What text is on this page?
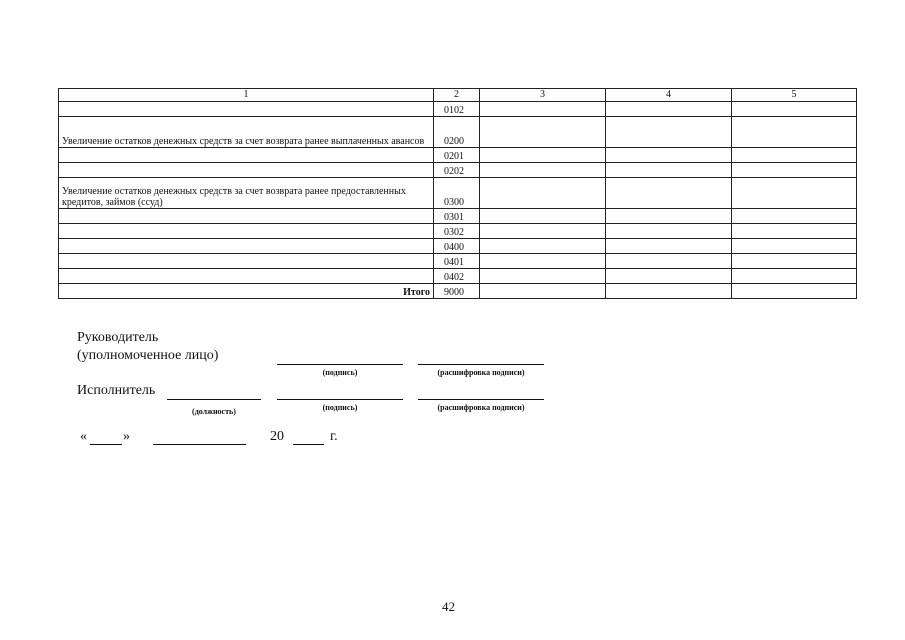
1	2	3	4	5
	0102			
Увеличение остатков денежных средств за счет возврата ранее выплаченных авансов	0200			
	0201			
	0202			
Увеличение остатков денежных средств за счет возврата ранее предоставленных кредитов, займов (ссуд)	0300			
	0301			
	0302			
	0400			
	0401			
	0402			
Итого	9000			
Руководитель
(уполномоченное лицо)
(подпись)	(расшифровка подписи)
Исполнитель
(должность)	(подпись)	(расшифровка подписи)
«	»	20	г.
42
